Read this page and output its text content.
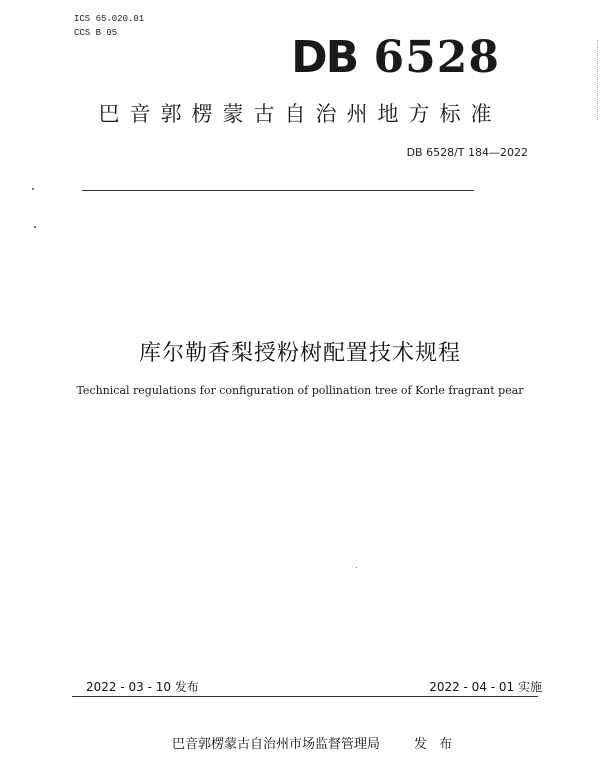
ICS 65.020.01
CCS B 05	DB 6528
巴音郭楞蒙古自治州地方标准
DB 6528/T 184—2022
库尔勒香梨授粉树配置技术规程
Technical regulations for configuration of pollination tree of Korle fragrant pear
2022 - 03 - 10 发布	2022 - 04 - 01 实施
巴音郭楞蒙古自治州市场监督管理局	发 布
